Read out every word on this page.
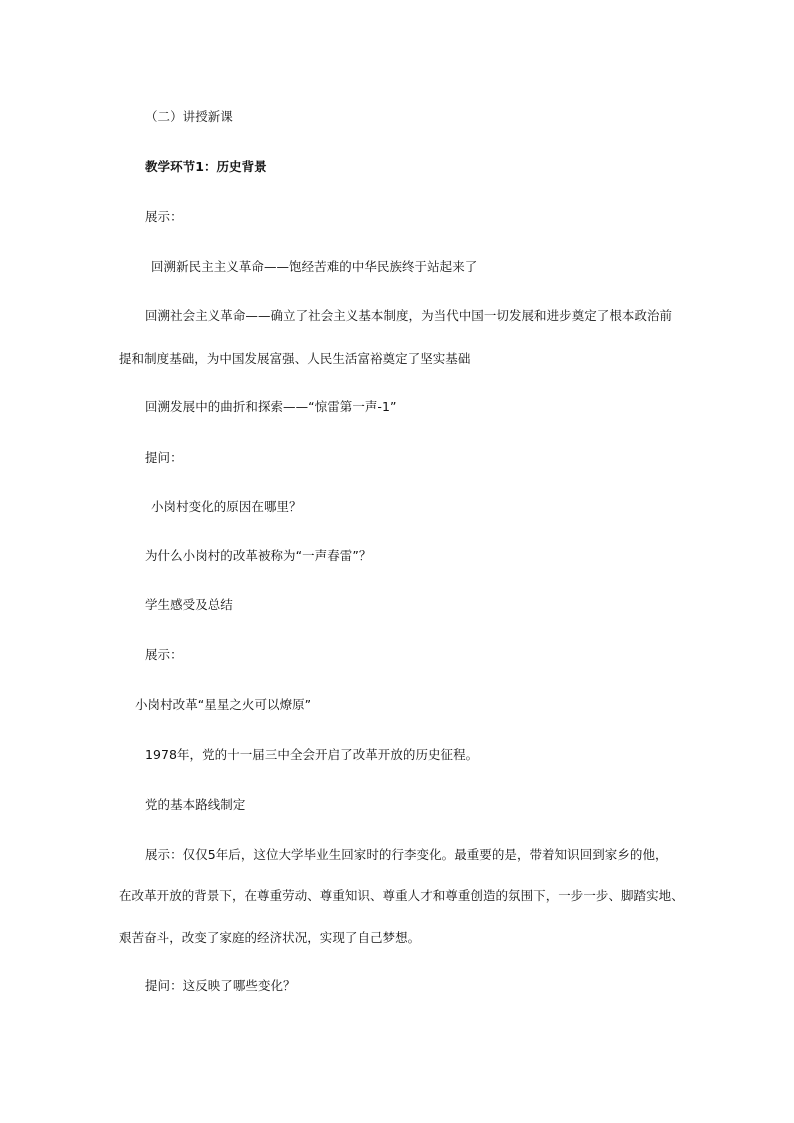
（二）讲授新课
教学环节1：历史背景
展示：
回溯新民主主义革命——饱经苦难的中华民族终于站起来了
回溯社会主义革命——确立了社会主义基本制度，为当代中国一切发展和进步奠定了根本政治前
提和制度基础，为中国发展富强、人民生活富裕奠定了坚实基础
回溯发展中的曲折和探索——“惊雷第一声-1”
提问：
小岗村变化的原因在哪里？
为什么小岗村的改革被称为“一声春雷”？
学生感受及总结
展示：
小岗村改革“星星之火可以燎原”
1978年，党的十一届三中全会开启了改革开放的历史征程。
党的基本路线制定
展示：仅仅5年后，这位大学毕业生回家时的行李变化。最重要的是，带着知识回到家乡的他，
在改革开放的背景下，在尊重劳动、尊重知识、尊重人才和尊重创造的氛围下，一步一步、脚踏实地、
艰苦奋斗，改变了家庭的经济状况，实现了自己梦想。
提问：这反映了哪些变化？
